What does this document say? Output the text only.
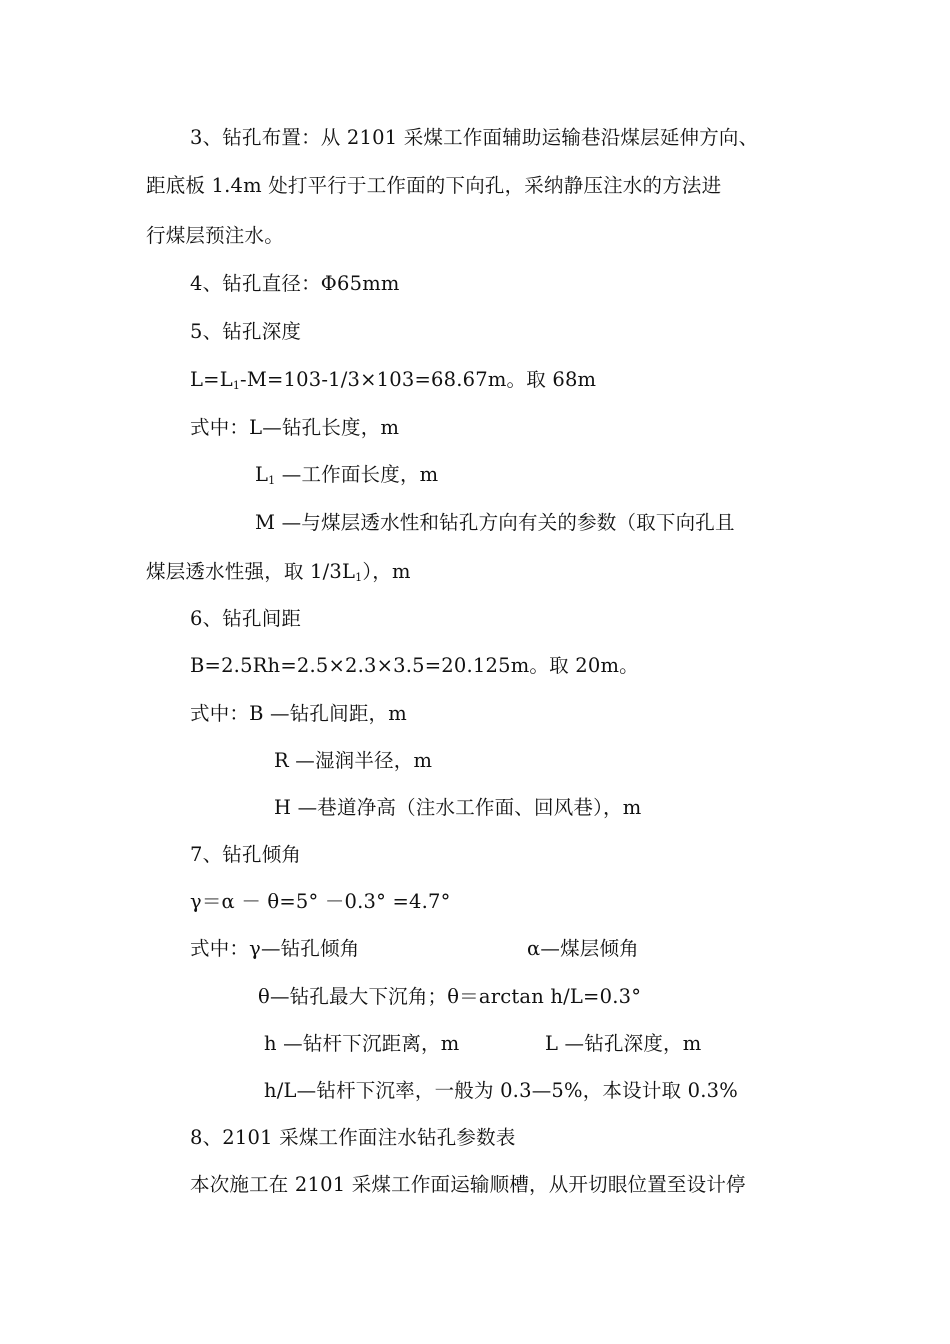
3、钻孔布置：从 2101 采煤工作面辅助运输巷沿煤层延伸方向、
距底板 1.4m 处打平行于工作面的下向孔，采纳静压注水的方法进
行煤层预注水。
4、钻孔直径：Φ65mm
5、钻孔深度
$L=L_1-M=103-1/3\times 103=68.67m$。取 68m
式中：L—钻孔长度，m
$L_1$ —工作面长度，m
M —与煤层透水性和钻孔方向有关的参数（取下向孔且
煤层透水性强，取 $1/3L_1$），m
6、钻孔间距
B=2.5Rh=2.5×2.3×3.5=20.125m。取 20m。
式中：B —钻孔间距，m
R —湿润半径，m
H —巷道净高（注水工作面、回风巷），m
7、钻孔倾角
γ＝α － θ=5° －0.3° =4.7°
式中：γ—钻孔倾角	α—煤层倾角
θ—钻孔最大下沉角；θ＝arctan h/L=0.3°
h —钻杆下沉距离，m	L —钻孔深度，m
h/L—钻杆下沉率，一般为 0.3—5%，本设计取 0.3%
8、2101 采煤工作面注水钻孔参数表
本次施工在 2101 采煤工作面运输顺槽，从开切眼位置至设计停
